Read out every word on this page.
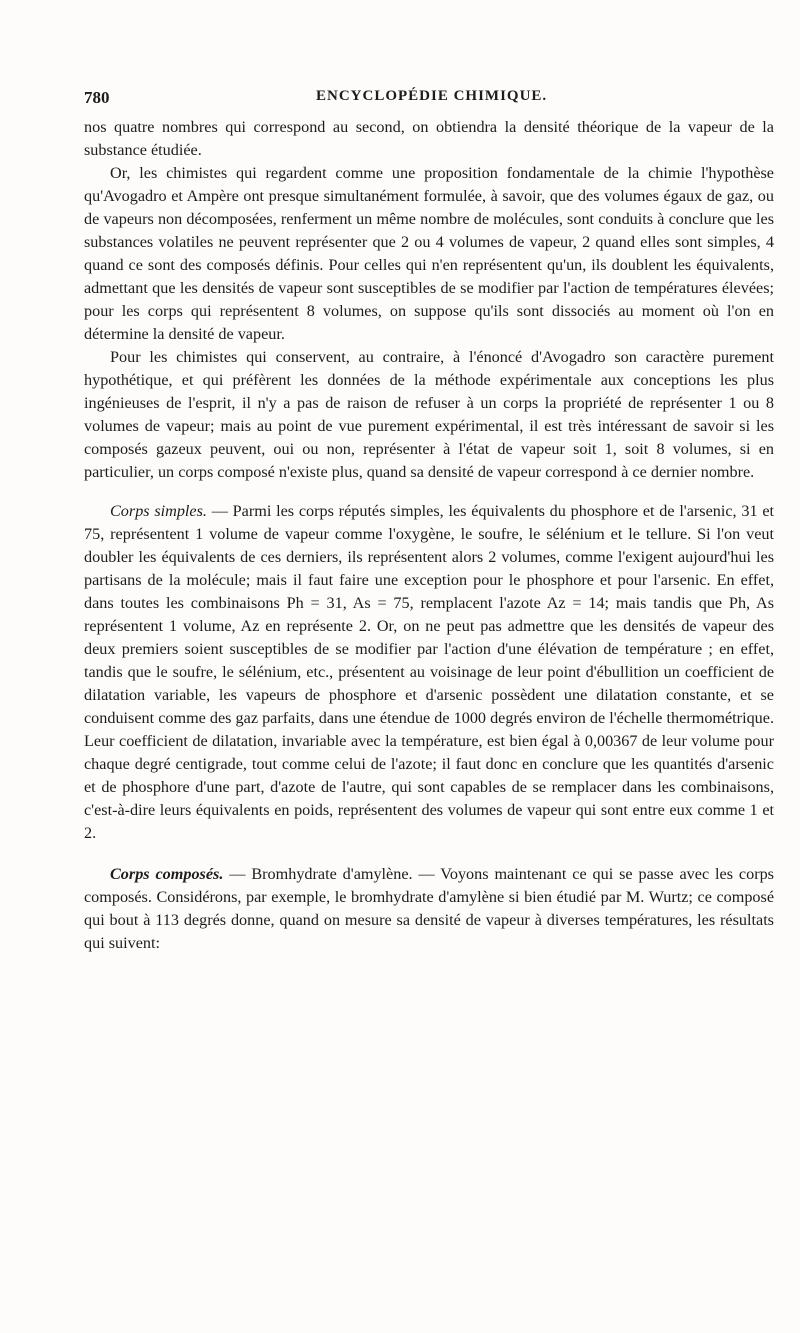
780	ENCYCLOPÉDIE CHIMIQUE.

nos quatre nombres qui correspond au second, on obtiendra la densité théorique de la vapeur de la substance étudiée.

Or, les chimistes qui regardent comme une proposition fondamentale de la chimie l'hypothèse qu'Avogadro et Ampère ont presque simultanément formulée, à savoir, que des volumes égaux de gaz, ou de vapeurs non décomposées, renferment un même nombre de molécules, sont conduits à conclure que les substances volatiles ne peuvent représenter que 2 ou 4 volumes de vapeur, 2 quand elles sont simples, 4 quand ce sont des composés définis. Pour celles qui n'en représentent qu'un, ils doublent les équivalents, admettant que les densités de vapeur sont susceptibles de se modifier par l'action de températures élevées; pour les corps qui représentent 8 volumes, on suppose qu'ils sont dissociés au moment où l'on en détermine la densité de vapeur.

Pour les chimistes qui conservent, au contraire, à l'énoncé d'Avogadro son caractère purement hypothétique, et qui préfèrent les données de la méthode expérimentale aux conceptions les plus ingénieuses de l'esprit, il n'y a pas de raison de refuser à un corps la propriété de représenter 1 ou 8 volumes de vapeur; mais au point de vue purement expérimental, il est très intéressant de savoir si les composés gazeux peuvent, oui ou non, représenter à l'état de vapeur soit 1, soit 8 volumes, si en particulier, un corps composé n'existe plus, quand sa densité de vapeur correspond à ce dernier nombre.

Corps simples. — Parmi les corps réputés simples, les équivalents du phosphore et de l'arsenic, 31 et 75, représentent 1 volume de vapeur comme l'oxygène, le soufre, le sélénium et le tellure. Si l'on veut doubler les équivalents de ces derniers, ils représentent alors 2 volumes, comme l'exigent aujourd'hui les partisans de la molécule; mais il faut faire une exception pour le phosphore et pour l'arsenic. En effet, dans toutes les combinaisons Ph = 31, As = 75, remplacent l'azote Az = 14; mais tandis que Ph, As représentent 1 volume, Az en représente 2. Or, on ne peut pas admettre que les densités de vapeur des deux premiers soient susceptibles de se modifier par l'action d'une élévation de température ; en effet, tandis que le soufre, le sélénium, etc., présentent au voisinage de leur point d'ébullition un coefficient de dilatation variable, les vapeurs de phosphore et d'arsenic possèdent une dilatation constante, et se conduisent comme des gaz parfaits, dans une étendue de 1000 degrés environ de l'échelle thermométrique. Leur coefficient de dilatation, invariable avec la température, est bien égal à 0,00367 de leur volume pour chaque degré centigrade, tout comme celui de l'azote; il faut donc en conclure que les quantités d'arsenic et de phosphore d'une part, d'azote de l'autre, qui sont capables de se remplacer dans les combinaisons, c'est-à-dire leurs équivalents en poids, représentent des volumes de vapeur qui sont entre eux comme 1 et 2.

Corps composés. — Bromhydrate d'amylène. — Voyons maintenant ce qui se passe avec les corps composés. Considérons, par exemple, le bromhydrate d'amylène si bien étudié par M. Wurtz; ce composé qui bout à 113 degrés donne, quand on mesure sa densité de vapeur à diverses températures, les résultats qui suivent:
